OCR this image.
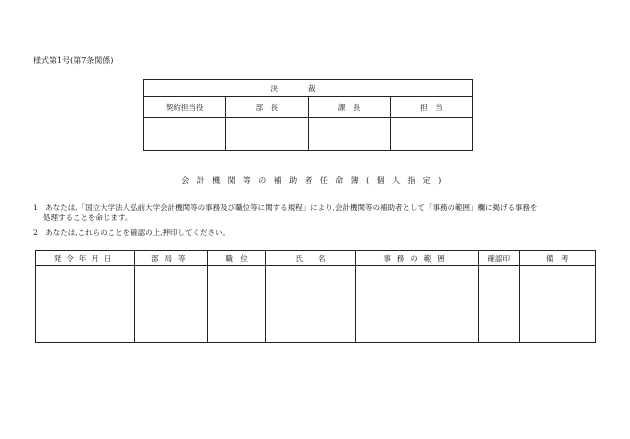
様式第1号(第7条関係)
決裁			
契約担当役	部　長	課　長	担　当

会計機関等の補助者任命簿(個人指定)
1　あなたは,「国立大学法人弘前大学会計機関等の事務及び職位等に関する規程」により,会計機関等の補助者として「事務の範囲」欄に掲げる事務を
処理することを命じます。
2　あなたは,これらのことを確認の上,押印してください。
発令年月日	部局等	職　位	氏　　名	事務の範囲	確認印	備　考
